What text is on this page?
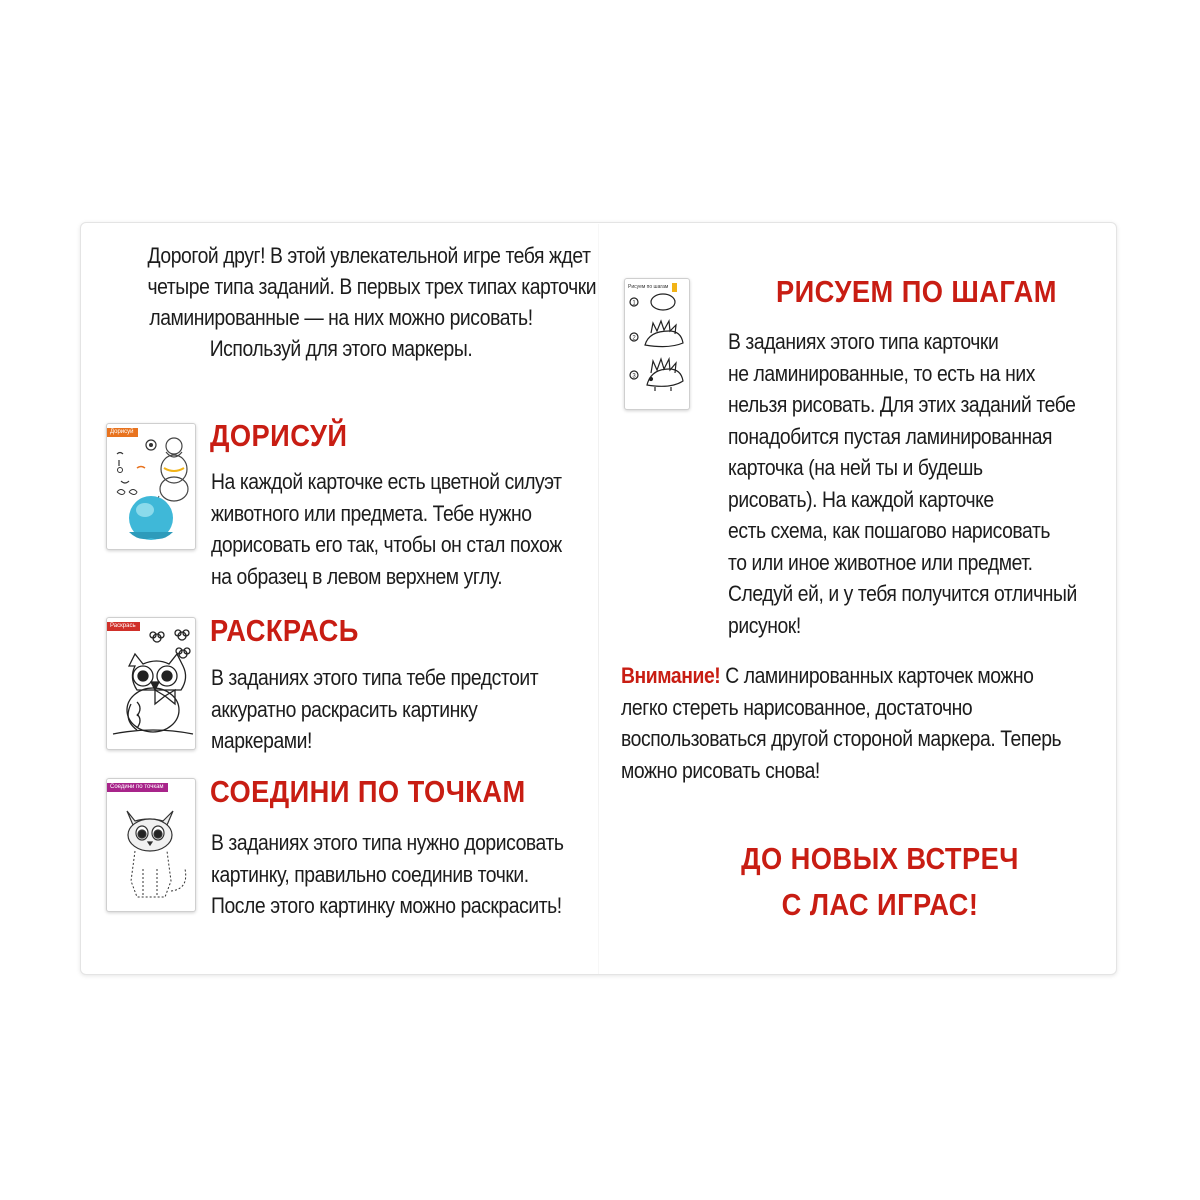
Дорогой друг! В этой увлекательной игре тебя ждет
четыре типа заданий. В первых трех типах карточки
ламинированные — на них можно рисовать!
Используй для этого маркеры.
Дорисуй ДОРИСУЙ
На каждой карточке есть цветной силуэт
животного или предмета. Тебе нужно
дорисовать его так, чтобы он стал похож
на образец в левом верхнем углу.
Раскрась РАСКРАСЬ
В заданиях этого типа тебе предстоит
аккуратно раскрасить картинку
маркерами!
Соедини по точкам СОЕДИНИ ПО ТОЧКАМ
В заданиях этого типа нужно дорисовать
картинку, правильно соединив точки.
После этого картинку можно раскрасить!
Рисуем по шагам
1
2
3
РИСУЕМ ПО ШАГАМ
В заданиях этого типа карточки
не ламинированные, то есть на них
нельзя рисовать. Для этих заданий тебе
понадобится пустая ламинированная
карточка (на ней ты и будешь
рисовать). На каждой карточке
есть схема, как пошагово нарисовать
то или иное животное или предмет.
Следуй ей, и у тебя получится отличный
рисунок!
Внимание! С ламинированных карточек можно
легко стереть нарисованное, достаточно
воспользоваться другой стороной маркера. Теперь
можно рисовать снова!
ДО НОВЫХ ВСТРЕЧ
С ЛАС ИГРАС!
